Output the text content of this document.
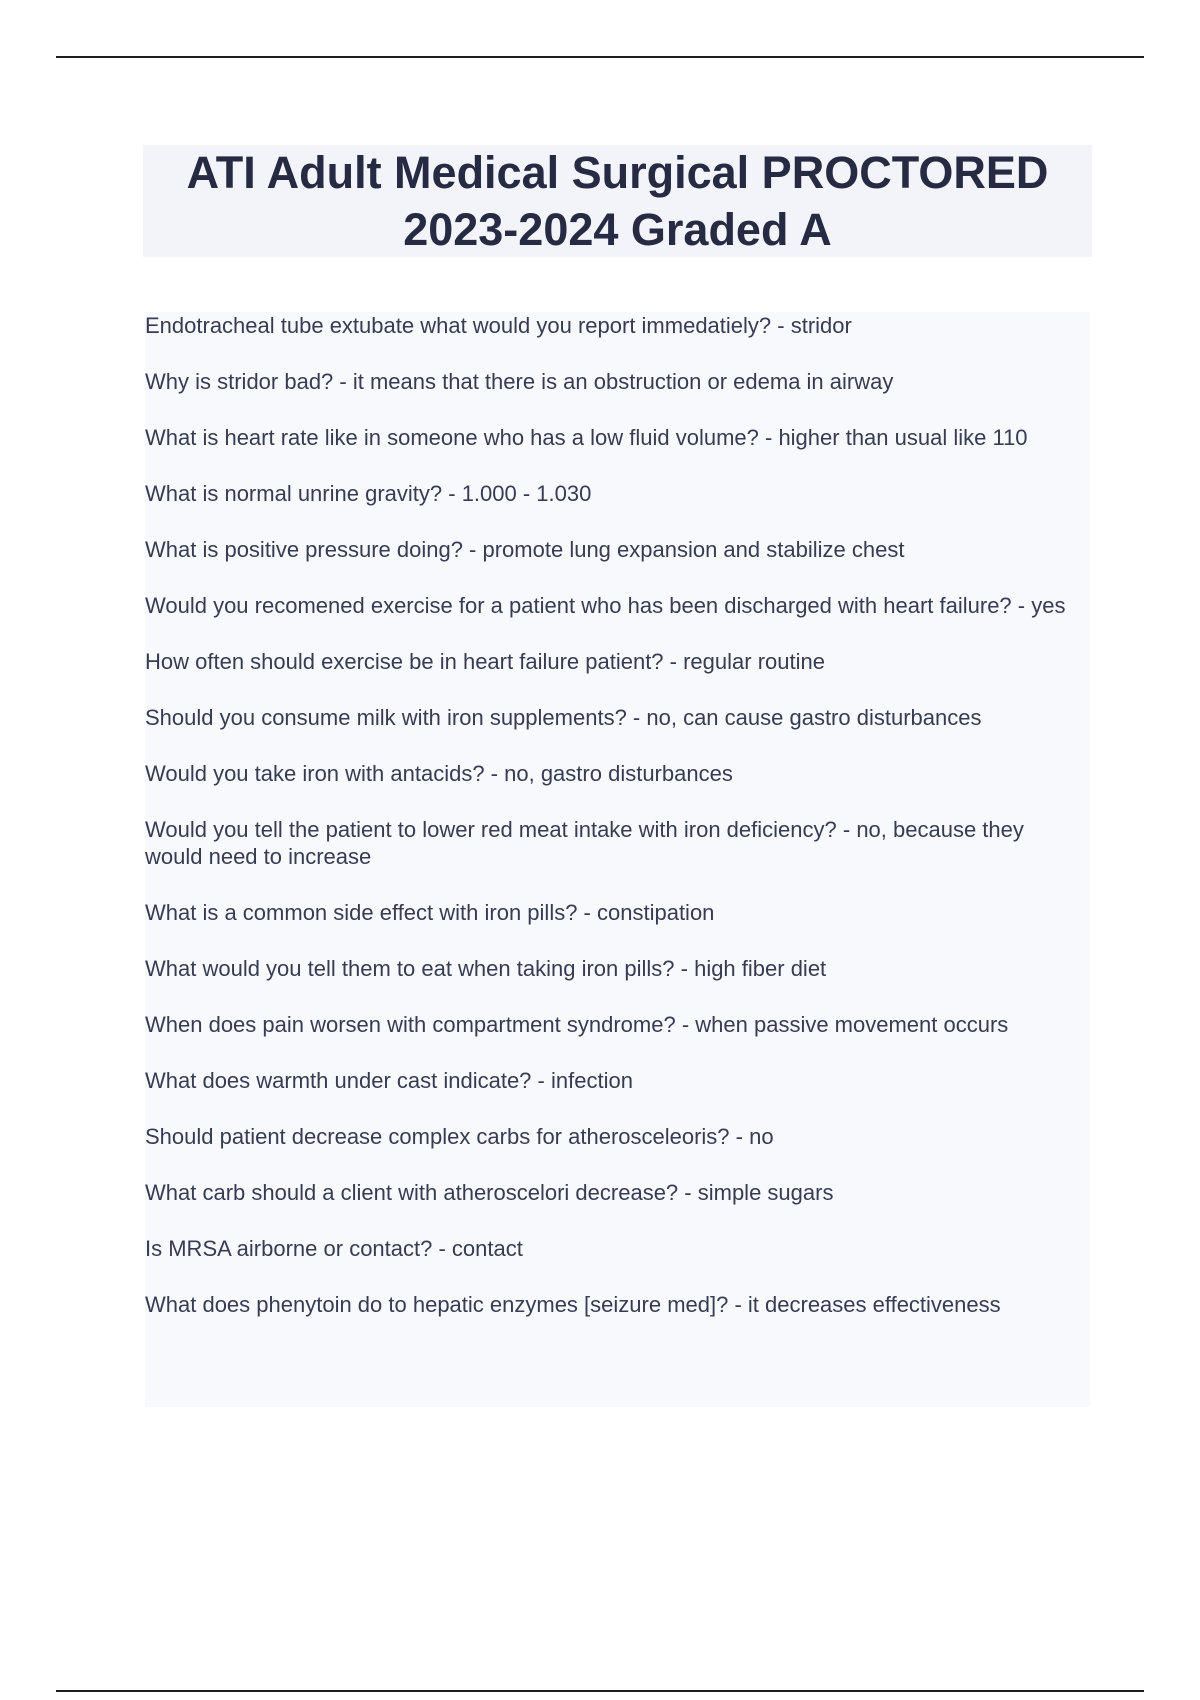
ATI Adult Medical Surgical PROCTORED
2023-2024 Graded A
Endotracheal tube extubate what would you report immedatiely? - stridor
Why is stridor bad? - it means that there is an obstruction or edema in airway
What is heart rate like in someone who has a low fluid volume? - higher than usual like 110
What is normal unrine gravity? - 1.000 - 1.030
What is positive pressure doing? - promote lung expansion and stabilize chest
Would you recomened exercise for a patient who has been discharged with heart failure? - yes
How often should exercise be in heart failure patient? - regular routine
Should you consume milk with iron supplements? - no, can cause gastro disturbances
Would you take iron with antacids? - no, gastro disturbances
Would you tell the patient to lower red meat intake with iron deficiency? - no, because they would need to increase
What is a common side effect with iron pills? - constipation
What would you tell them to eat when taking iron pills? - high fiber diet
When does pain worsen with compartment syndrome? - when passive movement occurs
What does warmth under cast indicate? - infection
Should patient decrease complex carbs for atherosceleoris? - no
What carb should a client with atheroscelori decrease? - simple sugars
Is MRSA airborne or contact? - contact
What does phenytoin do to hepatic enzymes [seizure med]? - it decreases effectiveness
